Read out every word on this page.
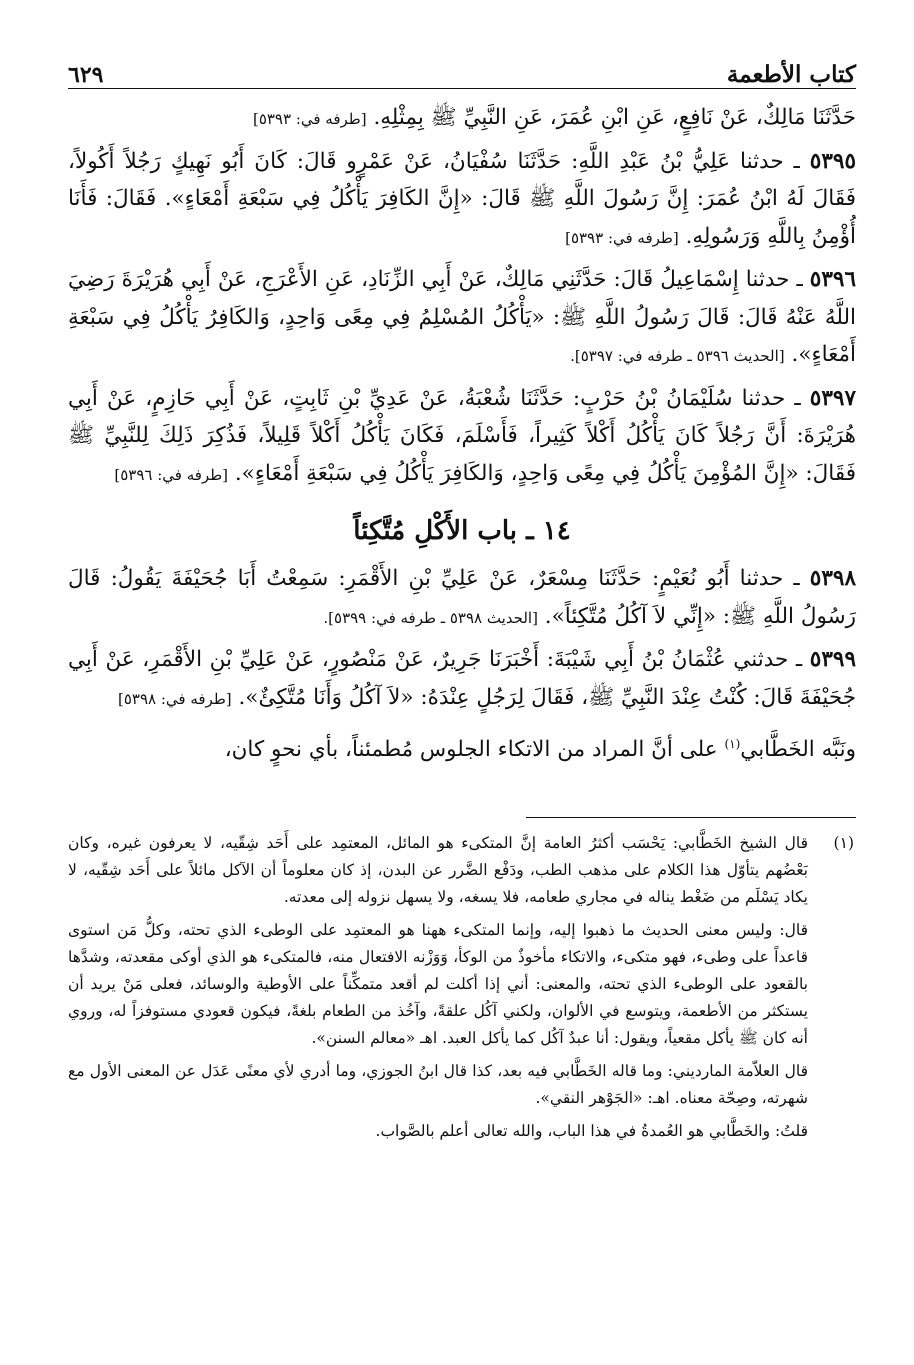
كتاب الأطعمة
٦٢٩

حَدَّثَنَا مَالِكٌ، عَنْ نَافِعٍ، عَنِ ابْنِ عُمَرَ، عَنِ النَّبِيِّ ﷺ بِمِثْلِهِ. [طرفه في: ٥٣٩٣]

٥٣٩٥ ـ حدثنا عَلِيُّ بْنُ عَبْدِ اللَّهِ: حَدَّثَنَا سُفْيَانُ، عَنْ عَمْرٍو قَالَ: كَانَ أَبُو نَهِيكٍ رَجُلاً أَكُولاً، فَقَالَ لَهُ ابْنُ عُمَرَ: إِنَّ رَسُولَ اللَّهِ ﷺ قَالَ: «إِنَّ الكَافِرَ يَأْكُلُ فِي سَبْعَةِ أَمْعَاءٍ». فَقَالَ: فَأَنَا أُؤْمِنُ بِاللَّهِ وَرَسُولِهِ. [طرفه في: ٥٣٩٣]

٥٣٩٦ ـ حدثنا إِسْمَاعِيلُ قَالَ: حَدَّثَنِي مَالِكٌ، عَنْ أَبِي الزِّنَادِ، عَنِ الأَعْرَجِ، عَنْ أَبِي هُرَيْرَةَ رَضِيَ اللَّهُ عَنْهُ قَالَ: قَالَ رَسُولُ اللَّهِ ﷺ: «يَأْكُلُ المُسْلِمُ فِي مِعًى وَاحِدٍ، وَالكَافِرُ يَأْكُلُ فِي سَبْعَةِ أَمْعَاءٍ». [الحديث ٥٣٩٦ ـ طرفه في: ٥٣٩٧].

٥٣٩٧ ـ حدثنا سُلَيْمَانُ بْنُ حَرْبٍ: حَدَّثَنَا شُعْبَةُ، عَنْ عَدِيِّ بْنِ ثَابِتٍ، عَنْ أَبِي حَازِمٍ، عَنْ أَبِي هُرَيْرَةَ: أَنَّ رَجُلاً كَانَ يَأْكُلُ أَكْلاً كَثِيراً، فَأَسْلَمَ، فَكَانَ يَأْكُلُ أَكْلاً قَلِيلاً، فَذُكِرَ ذَلِكَ لِلنَّبِيِّ ﷺ فَقَالَ: «إِنَّ المُؤْمِنَ يَأْكُلُ فِي مِعًى وَاحِدٍ، وَالكَافِرَ يَأْكُلُ فِي سَبْعَةِ أَمْعَاءٍ». [طرفه في: ٥٣٩٦]

١٤ ـ باب الأَكْلِ مُتَّكِئاً

٥٣٩٨ ـ حدثنا أَبُو نُعَيْمٍ: حَدَّثَنَا مِسْعَرٌ، عَنْ عَلِيِّ بْنِ الأَقْمَرِ: سَمِعْتُ أَبَا جُحَيْفَةَ يَقُولُ: قَالَ رَسُولُ اللَّهِ ﷺ: «إِنِّي لاَ آكُلُ مُتَّكِئاً». [الحديث ٥٣٩٨ ـ طرفه في: ٥٣٩٩].

٥٣٩٩ ـ حدثني عُثْمَانُ بْنُ أَبِي شَيْبَةَ: أَخْبَرَنَا جَرِيرٌ، عَنْ مَنْصُورٍ، عَنْ عَلِيِّ بْنِ الأَقْمَرِ، عَنْ أَبِي جُحَيْفَةَ قَالَ: كُنْتُ عِنْدَ النَّبِيِّ ﷺ، فَقَالَ لِرَجُلٍ عِنْدَهُ: «لاَ آكُلُ وَأَنَا مُتَّكِئٌ». [طرفه في: ٥٣٩٨]

ونَبَّه الخَطَّابي$^{(١)}$ على أنَّ المراد من الاتكاء الجلوس مُطمئناً، بأي نحوٍ كان،

(١)

قال الشيخ الخَطَّابي: يَحْسَب أكثرُ العامة إنَّ المتكىء هو المائل، المعتمِد على أَحَد شِقّيه، لا يعرفون غيره، وكان بَعْضُهم يتأوّل هذا الكلام على مذهب الطب، ودَفْع الضَّرر عن البدن، إذ كان معلوماً أن الآكل مائلاً على أَحَد شِقّيه، لا يكاد يَسْلَم من ضَغْط يناله في مجاري طعامه، فلا يسغه، ولا يسهل نزوله إلى معدته.

قال: وليس معنى الحديث ما ذهبوا إليه، وإنما المتكىء ههنا هو المعتمِد على الوطىء الذي تحته، وكلُّ مَن استوى قاعداً على وطىء، فهو متكىء، والاتكاء مأخوذٌ من الوكأ، وَوَزْنه الافتعال منه، فالمتكىء هو الذي أوكى مقعدته، وشدَّها بالقعود على الوطىء الذي تحته، والمعنى: أني إذا أكلت لم أقعد متمكِّناً على الأوطية والوسائد، فعلى مَنْ يريد أن يستكثر من الأطعمة، ويتوسع في الألوان، ولكني آكُل علقةً، وآخُذ من الطعام بلغةً، فيكون قعودي مستوفزاً له، وروي أنه كان ﷺ يأكل مقعياً، ويقول: أنا عبدٌ آكُل كما يأكل العبد. اهـ «معالم السنن».

قال العلاّمة المارديني: وما قاله الخَطَّابي فيه بعد، كذا قال ابنُ الجوزي، وما أدري لأي معنًى عَدَل عن المعنى الأول مع شهرته، وصِحّة معناه. اهـ: «الجَوْهر النقي».

قلتُ: والخَطَّابي هو العُمدةُ في هذا الباب، والله تعالى أعلم بالصَّواب.
